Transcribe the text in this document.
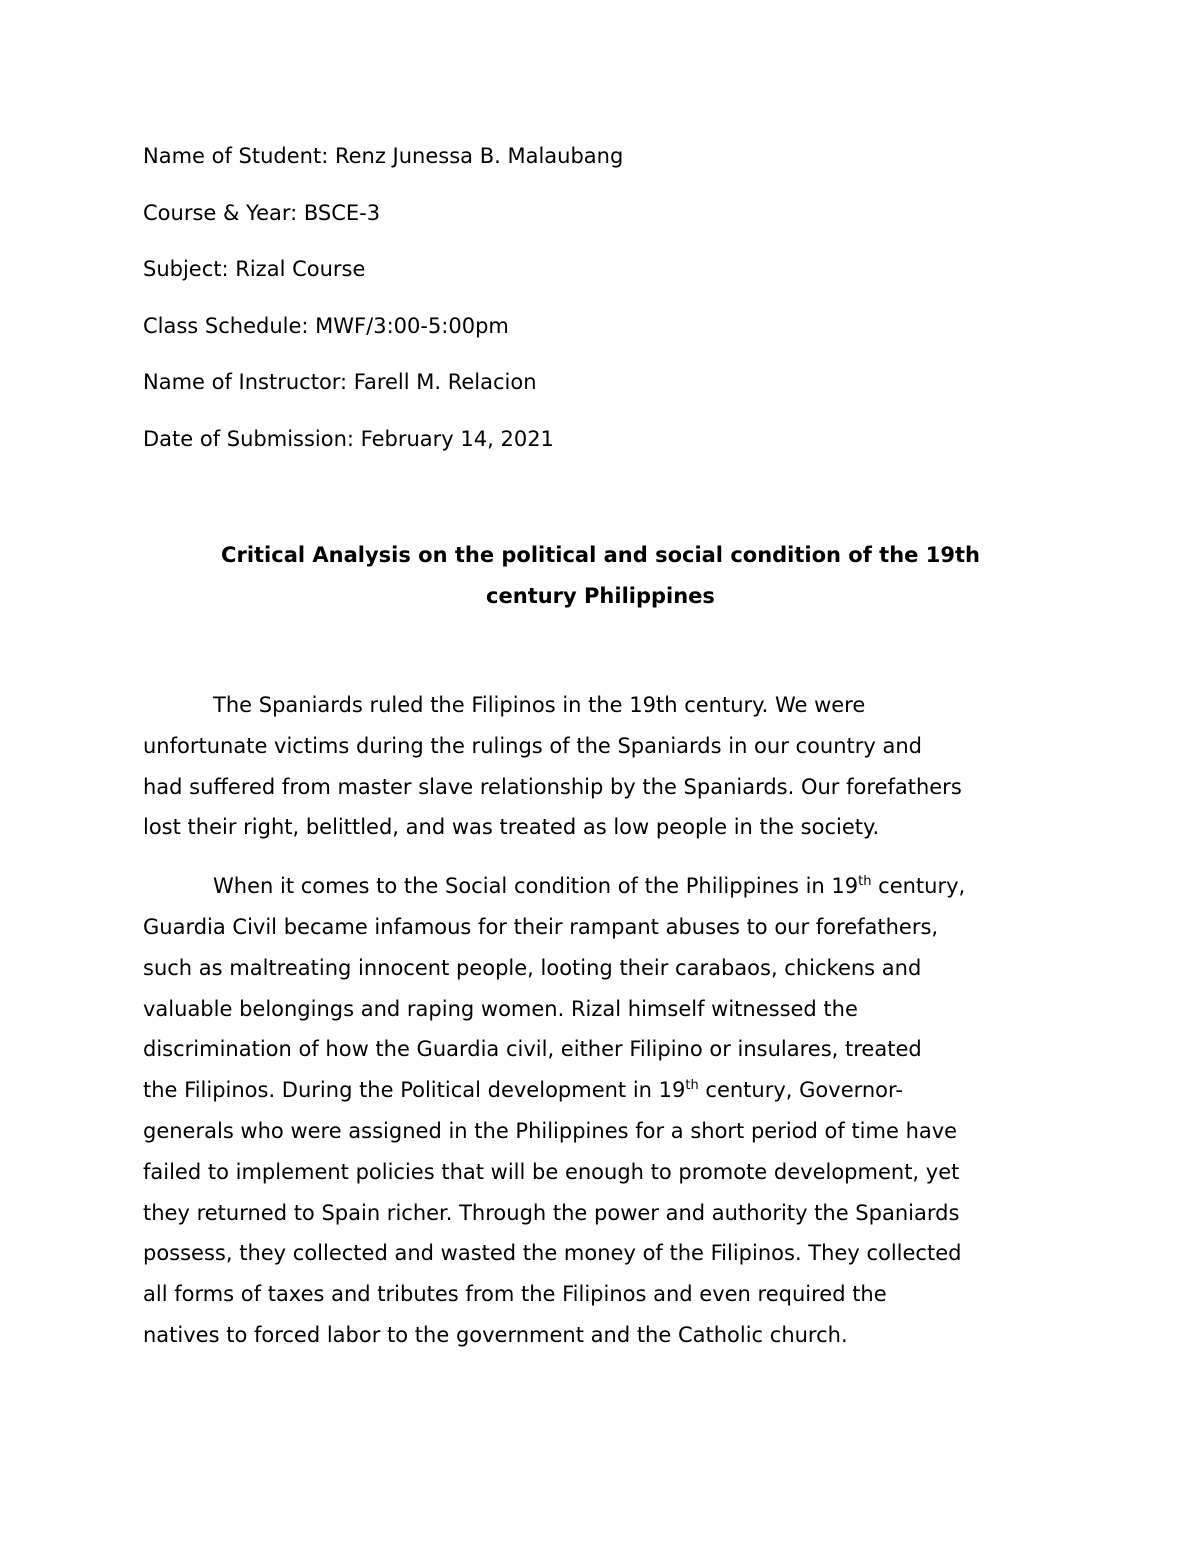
Name of Student: Renz Junessa B. Malaubang
Course & Year: BSCE-3
Subject: Rizal Course
Class Schedule: MWF/3:00-5:00pm
Name of Instructor: Farell M. Relacion
Date of Submission: February 14, 2021
Critical Analysis on the political and social condition of the 19th
century Philippines

The Spaniards ruled the Filipinos in the 19th century. We were
unfortunate victims during the rulings of the Spaniards in our country and
had suffered from master slave relationship by the Spaniards. Our forefathers
lost their right, belittled, and was treated as low people in the society.

When it comes to the Social condition of the Philippines in 19th century,
Guardia Civil became infamous for their rampant abuses to our forefathers,
such as maltreating innocent people, looting their carabaos, chickens and
valuable belongings and raping women. Rizal himself witnessed the
discrimination of how the Guardia civil, either Filipino or insulares, treated
the Filipinos. During the Political development in 19th century, Governor-
generals who were assigned in the Philippines for a short period of time have
failed to implement policies that will be enough to promote development, yet
they returned to Spain richer. Through the power and authority the Spaniards
possess, they collected and wasted the money of the Filipinos. They collected
all forms of taxes and tributes from the Filipinos and even required the
natives to forced labor to the government and the Catholic church.
